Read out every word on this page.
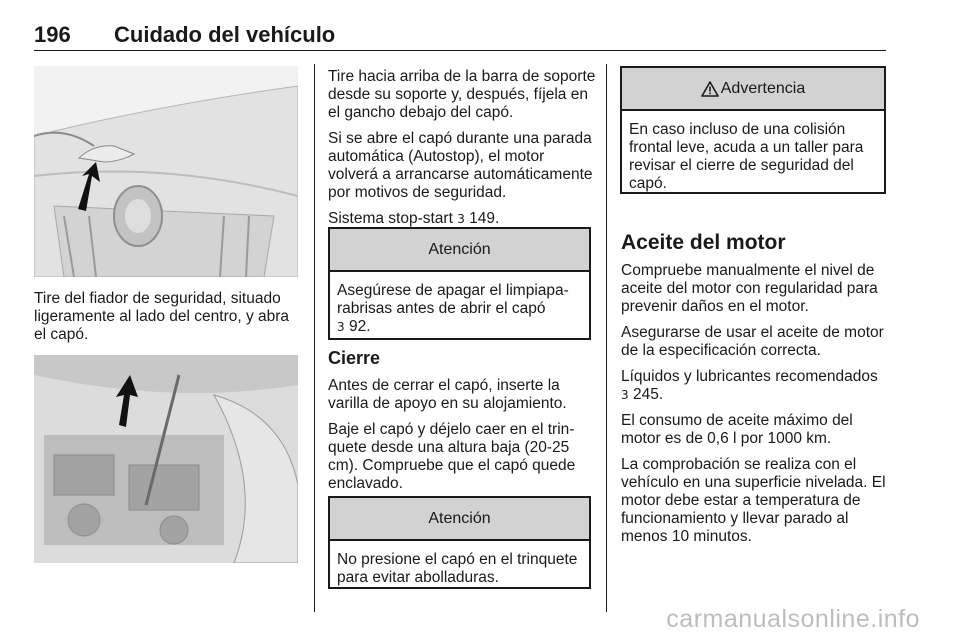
196 Cuidado del vehículo

Tire del fiador de seguridad, situado ligeramente al lado del centro, y abra el capó.

Tire hacia arriba de la barra de soporte desde su soporte y, después, fíjela en el gancho debajo del capó.

Si se abre el capó durante una parada automática (Autostop), el motor volverá a arrancarse automáticamente por motivos de seguridad.

Sistema stop-start 3 149.

Atención
Asegúrese de apagar el limpiaparabrisas antes de abrir el capó
3 92.
Cierre

Antes de cerrar el capó, inserte la varilla de apoyo en su alojamiento.

Baje el capó y déjelo caer en el trinquete desde una altura baja (20-25 cm). Compruebe que el capó quede enclavado.

Atención
No presione el capó en el trinquete para evitar abolladuras.
Advertencia
En caso incluso de una colisión frontal leve, acuda a un taller para revisar el cierre de seguridad del capó.
Aceite del motor

Compruebe manualmente el nivel de aceite del motor con regularidad para prevenir daños en el motor.

Asegurarse de usar el aceite de motor de la especificación correcta.

Líquidos y lubricantes recomendados
3 245.

El consumo de aceite máximo del motor es de 0,6 l por 1000 km.

La comprobación se realiza con el vehículo en una superficie nivelada. El motor debe estar a temperatura de funcionamiento y llevar parado al menos 10 minutos.

carmanualsonline.info
